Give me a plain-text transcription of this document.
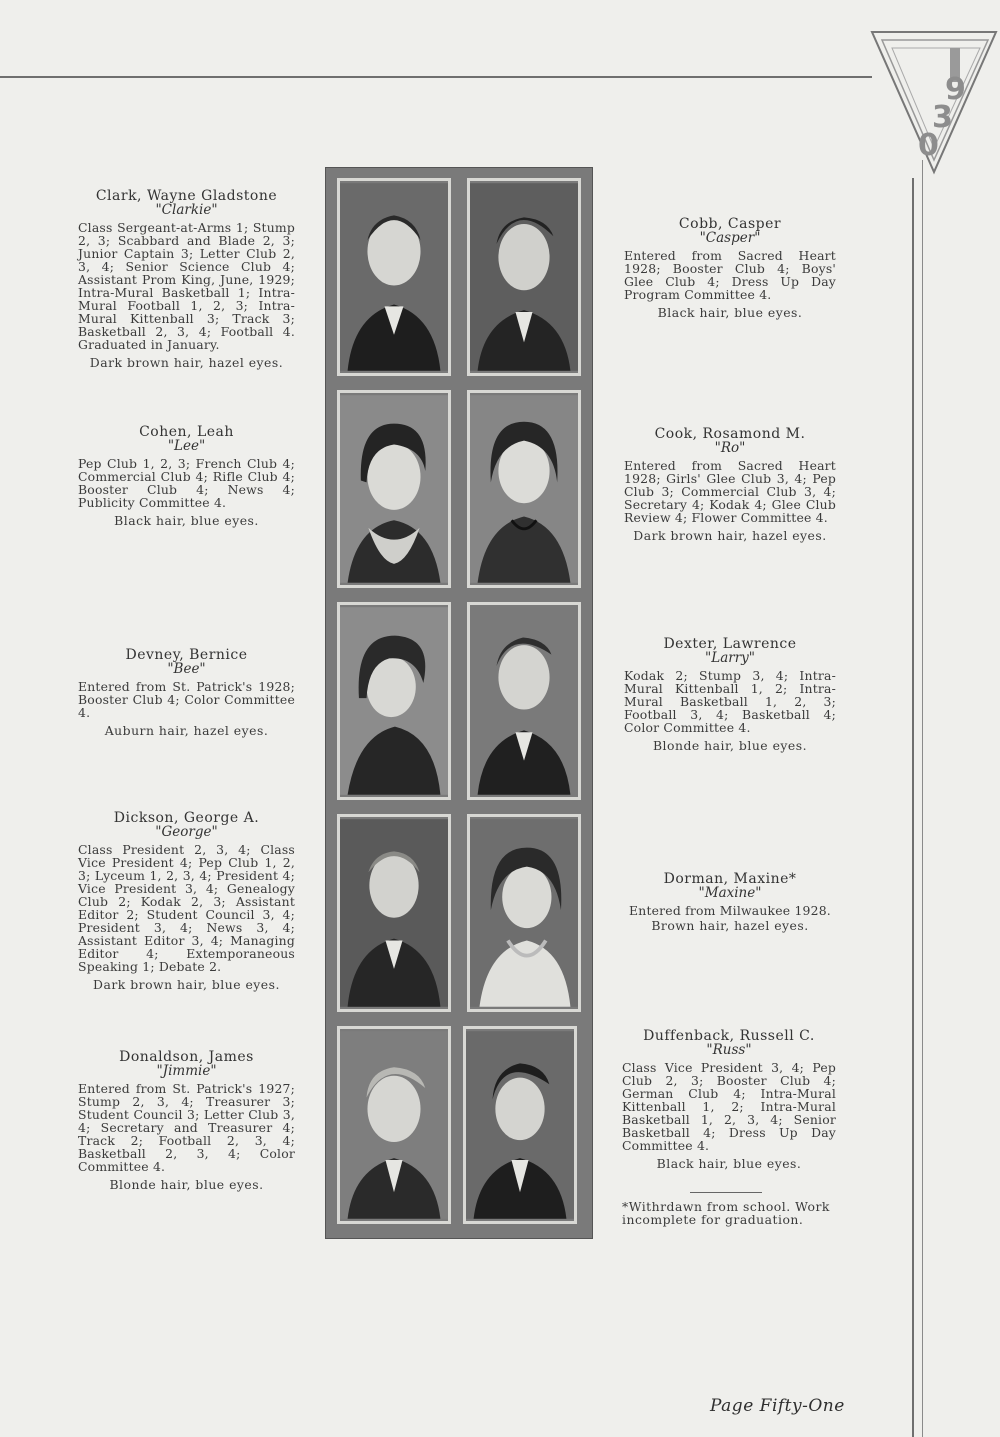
9
3
0
Clark, Wayne Gladstone
"Clarkie"
Class Sergeant-at-Arms 1; Stump 2, 3; Scabbard and Blade 2, 3; Junior Captain 3; Letter Club 2, 3, 4; Senior Science Club 4; Assistant Prom King, June, 1929; Intra-Mural Basketball 1; Intra-Mural Football 1, 2, 3; Intra-Mural Kittenball 3; Track 3; Basketball 2, 3, 4; Football 4. Graduated in January.
Dark brown hair, hazel eyes.
Cohen, Leah
"Lee"
Pep Club 1, 2, 3; French Club 4; Commercial Club 4; Rifle Club 4; Booster Club 4; News 4; Publicity Committee 4.
Black hair, blue eyes.
Devney, Bernice
"Bee"
Entered from St. Patrick's 1928; Booster Club 4; Color Committee 4.
Auburn hair, hazel eyes.
Dickson, George A.
"George"
Class President 2, 3, 4; Class Vice President 4; Pep Club 1, 2, 3; Lyceum 1, 2, 3, 4; President 4; Vice President 3, 4; Genealogy Club 2; Kodak 2, 3; Assistant Editor 2; Student Council 3, 4; President 3, 4; News 3, 4; Assistant Editor 3, 4; Managing Editor 4; Extemporaneous Speaking 1; Debate 2.
Dark brown hair, blue eyes.
Donaldson, James
"Jimmie"
Entered from St. Patrick's 1927; Stump 2, 3, 4; Treasurer 3; Student Council 3; Letter Club 3, 4; Secretary and Treasurer 4; Track 2; Football 2, 3, 4; Basketball 2, 3, 4; Color Committee 4.
Blonde hair, blue eyes.
Cobb, Casper
"Casper"
Entered from Sacred Heart 1928; Booster Club 4; Boys' Glee Club 4; Dress Up Day Program Committee 4.
Black hair, blue eyes.
Cook, Rosamond M.
"Ro"
Entered from Sacred Heart 1928; Girls' Glee Club 3, 4; Pep Club 3; Commercial Club 3, 4; Secretary 4; Kodak 4; Glee Club Review 4; Flower Committee 4.
Dark brown hair, hazel eyes.
Dexter, Lawrence
"Larry"
Kodak 2; Stump 3, 4; Intra-Mural Kittenball 1, 2; Intra-Mural Basketball 1, 2, 3; Football 3, 4; Basketball 4; Color Committee 4.
Blonde hair, blue eyes.
Dorman, Maxine*
"Maxine"
Entered from Milwaukee 1928.
Brown hair, hazel eyes.
Duffenback, Russell C.
"Russ"
Class Vice President 3, 4; Pep Club 2, 3; Booster Club 4; German Club 4; Intra-Mural Kittenball 1, 2; Intra-Mural Basketball 1, 2, 3, 4; Senior Basketball 4; Dress Up Day Committee 4.
Black hair, blue eyes.
*Withrdawn from school. Work incomplete for graduation.
Page Fifty-One
